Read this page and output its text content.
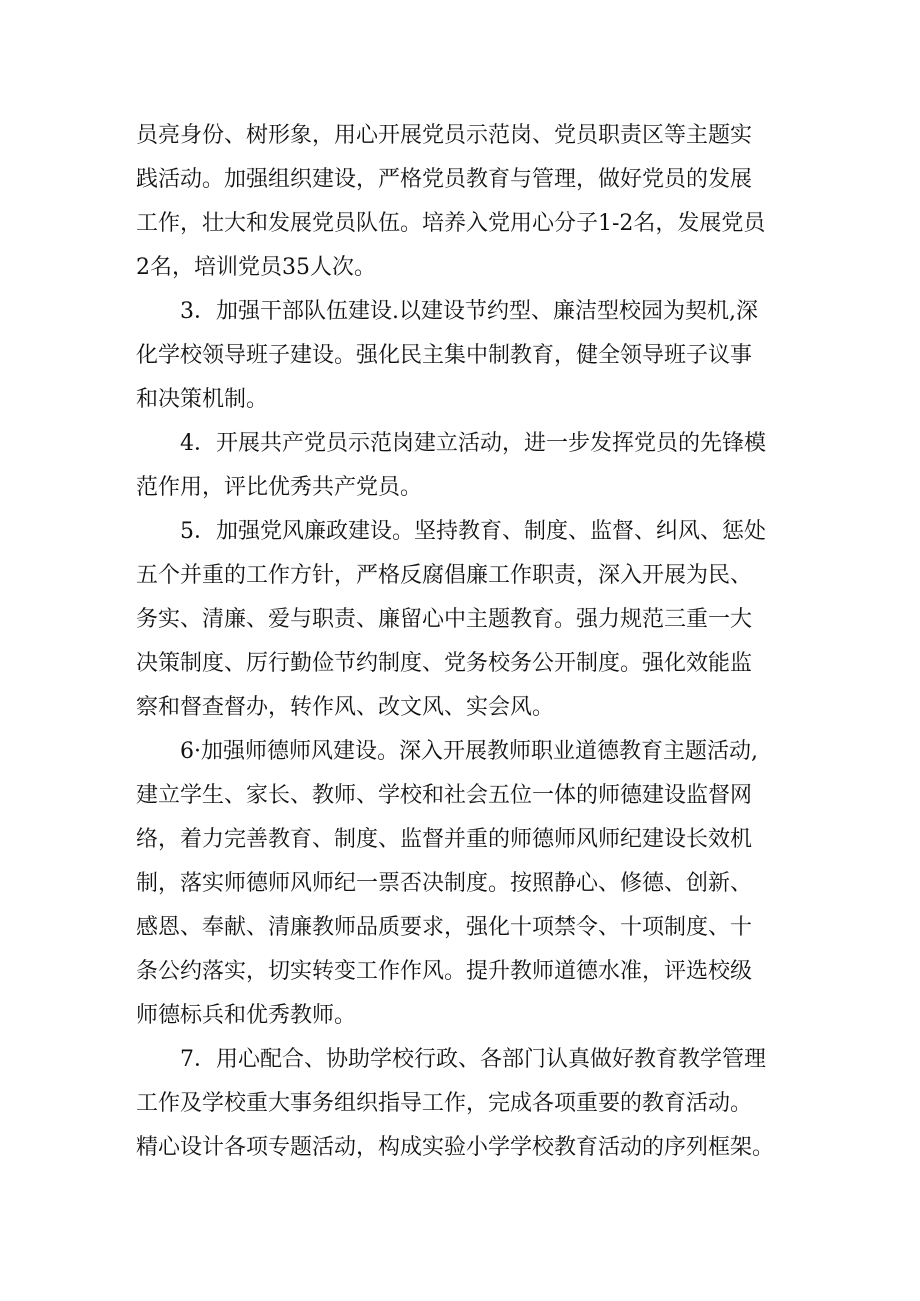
员亮身份、树形象，用心开展党员示范岗、党员职责区等主题实
践活动。加强组织建设，严格党员教育与管理，做好党员的发展
工作，壮大和发展党员队伍。培养入党用心分子1-2名，发展党员
2名，培训党员35人次。
3．加强干部队伍建设.以建设节约型、廉洁型校园为契机,深
化学校领导班子建设。强化民主集中制教育，健全领导班子议事
和决策机制。
4．开展共产党员示范岗建立活动，进一步发挥党员的先锋模
范作用，评比优秀共产党员。
5．加强党风廉政建设。坚持教育、制度、监督、纠风、惩处
五个并重的工作方针，严格反腐倡廉工作职责，深入开展为民、
务实、清廉、爱与职责、廉留心中主题教育。强力规范三重一大
决策制度、厉行勤俭节约制度、党务校务公开制度。强化效能监
察和督查督办，转作风、改文风、实会风。
6·加强师德师风建设。深入开展教师职业道德教育主题活动,
建立学生、家长、教师、学校和社会五位一体的师德建设监督网
络，着力完善教育、制度、监督并重的师德师风师纪建设长效机
制，落实师德师风师纪一票否决制度。按照静心、修德、创新、
感恩、奉献、清廉教师品质要求，强化十项禁令、十项制度、十
条公约落实，切实转变工作作风。提升教师道德水准，评选校级
师德标兵和优秀教师。
7．用心配合、协助学校行政、各部门认真做好教育教学管理
工作及学校重大事务组织指导工作，完成各项重要的教育活动。
精心设计各项专题活动，构成实验小学学校教育活动的序列框架。
